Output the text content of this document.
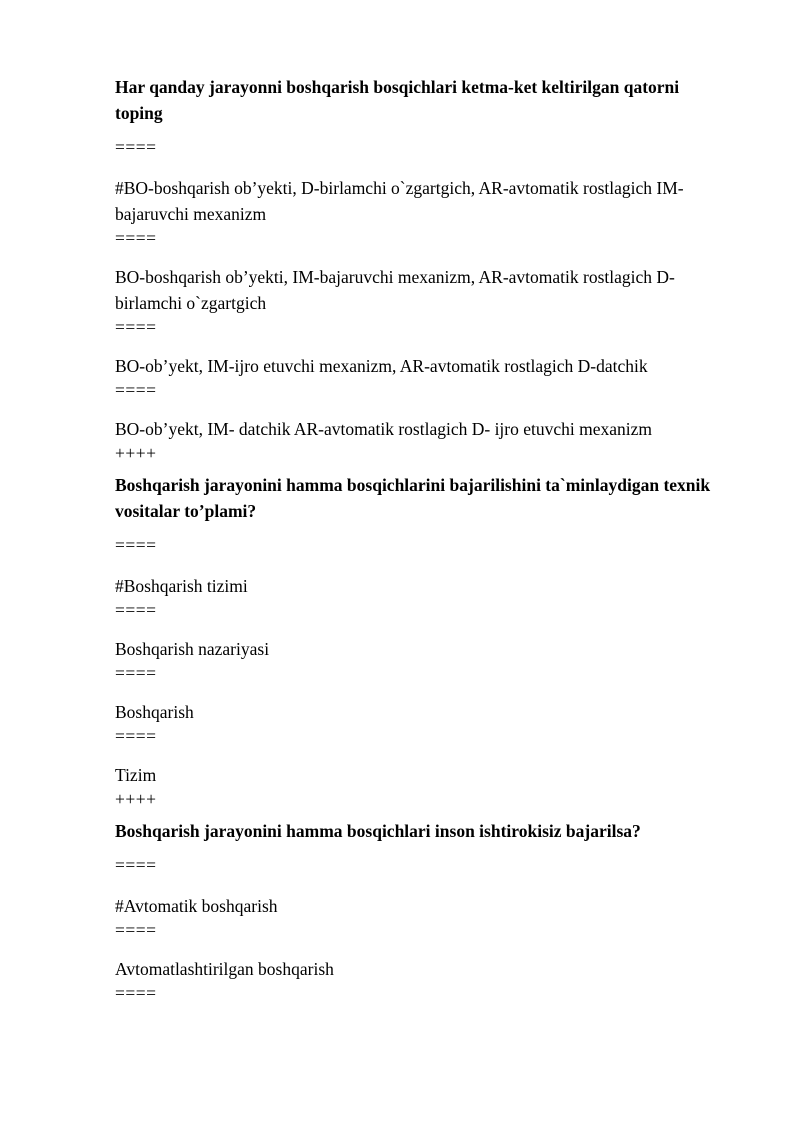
Har qanday jarayonni boshqarish bosqichlari ketma-ket keltirilgan qatorni toping

====

#BO-boshqarish ob’yekti, D-birlamchi o`zgartgich, AR-avtomatik rostlagich IM-bajaruvchi mexanizm

====

BO-boshqarish ob’yekti, IM-bajaruvchi mexanizm, AR-avtomatik rostlagich D-birlamchi o`zgartgich

====

BO-ob’yekt, IM-ijro etuvchi mexanizm, AR-avtomatik rostlagich D-datchik

====

BO-ob’yekt, IM- datchik AR-avtomatik rostlagich D- ijro etuvchi mexanizm

++++

Boshqarish jarayonini hamma bosqichlarini bajarilishini ta`minlaydigan texnik vositalar to’plami?

====

#Boshqarish tizimi

====

Boshqarish nazariyasi

====

Boshqarish

====

Tizim

++++

Boshqarish jarayonini hamma bosqichlari inson ishtirokisiz bajarilsa?

====

#Avtomatik boshqarish

====

Avtomatlashtirilgan boshqarish

====
